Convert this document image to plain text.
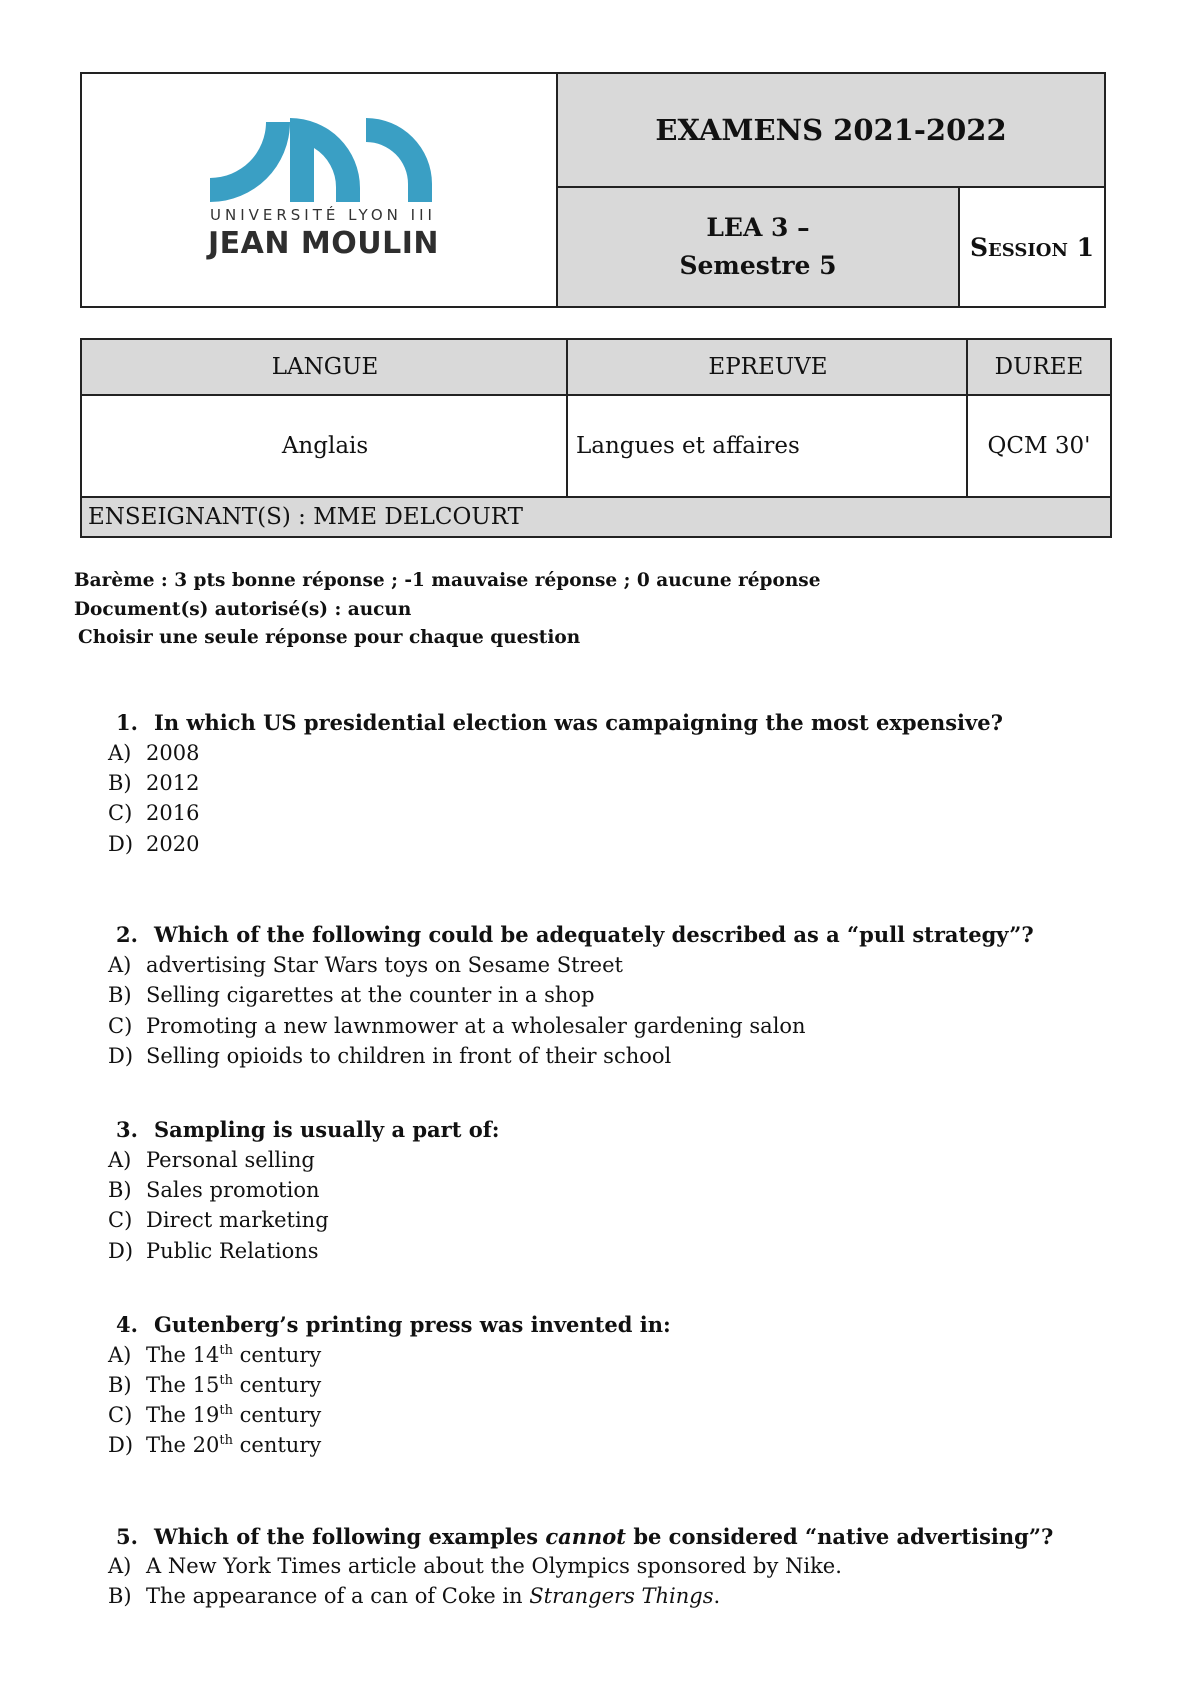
UNIVERSITÉ LYON III
JEAN MOULIN
EXAMENS 2021-2022
LEA 3 –
Semestre 5
Session 1
LANGUE	EPREUVE	DUREE
Anglais	Langues et affaires	QCM 30'
ENSEIGNANT(S) : MME DELCOURT
Barème : 3 pts bonne réponse ; -1 mauvaise réponse ; 0 aucune réponse
Document(s) autorisé(s) : aucun
Choisir une seule réponse pour chaque question
1. In which US presidential election was campaigning the most expensive?
A) 2008
B) 2012
C) 2016
D) 2020
2. Which of the following could be adequately described as a “pull strategy”?
A) advertising Star Wars toys on Sesame Street
B) Selling cigarettes at the counter in a shop
C) Promoting a new lawnmower at a wholesaler gardening salon
D) Selling opioids to children in front of their school
3. Sampling is usually a part of:
A) Personal selling
B) Sales promotion
C) Direct marketing
D) Public Relations
4. Gutenberg’s printing press was invented in:
A) The 14th century
B) The 15th century
C) The 19th century
D) The 20th century
5. Which of the following examples cannot be considered “native advertising”?
A) A New York Times article about the Olympics sponsored by Nike.
B) The appearance of a can of Coke in Strangers Things.
